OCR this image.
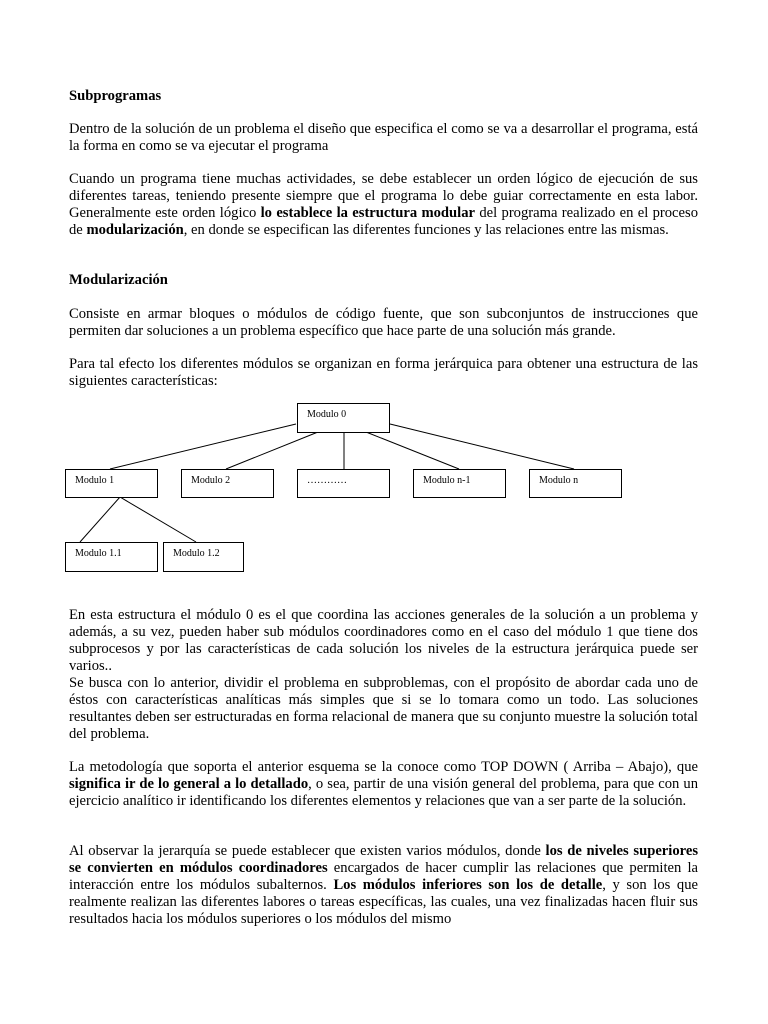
Subprogramas

Dentro de la solución de un problema el diseño que especifica el como se va a desarrollar el programa, está la forma en como se va ejecutar el programa

Cuando un programa tiene muchas actividades, se debe establecer un orden lógico de ejecución de sus diferentes tareas, teniendo presente siempre que el programa lo debe guiar correctamente en esta labor. Generalmente este orden lógico lo establece la estructura modular del programa realizado en el proceso de modularización, en donde se especifican las diferentes funciones y las relaciones entre las mismas.

Modularización

Consiste en armar bloques o módulos de código fuente, que son subconjuntos de instrucciones que permiten dar soluciones a un problema específico que hace parte de una solución más grande.

Para tal efecto los diferentes módulos se organizan en forma jerárquica para obtener una estructura de las siguientes características:

Modulo 0
Modulo 1	Modulo 2	…………	Modulo n-1	Modulo n
Modulo 1.1	Modulo 1.2

En esta estructura el módulo 0 es el que coordina las acciones generales de la solución a un problema y además, a su vez, pueden haber sub módulos coordinadores como en el caso del módulo 1 que tiene dos subprocesos y por las características de cada solución los niveles de la estructura jerárquica puede ser varios..

Se busca con lo anterior, dividir el problema en subproblemas, con el propósito de abordar cada uno de éstos con características analíticas más simples que si se lo tomara como un todo. Las soluciones resultantes deben ser estructuradas en forma relacional de manera que su conjunto muestre la solución total del problema.

La metodología que soporta el anterior esquema se la conoce como TOP DOWN ( Arriba – Abajo), que significa ir de lo general a lo detallado, o sea, partir de una visión general del problema, para que con un ejercicio analítico ir identificando los diferentes elementos y relaciones que van a ser parte de la solución.

Al observar la jerarquía se puede establecer que existen varios módulos, donde los de niveles superiores se convierten en módulos coordinadores encargados de hacer cumplir las relaciones que permiten la interacción entre los módulos subalternos. Los módulos inferiores son los de detalle, y son los que realmente realizan las diferentes labores o tareas específicas, las cuales, una vez finalizadas hacen fluir sus resultados hacia los módulos superiores o los módulos del mismo
